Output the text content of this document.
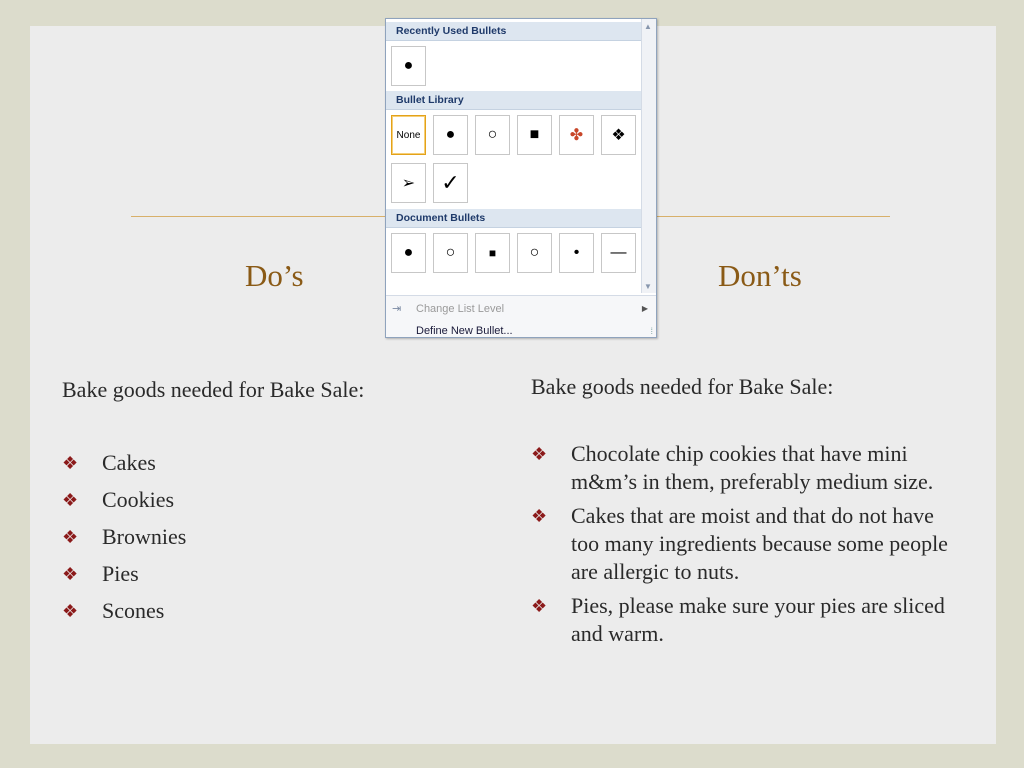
Do’s	Don’ts
Bake goods needed for Bake Sale:	Bake goods needed for Bake Sale:
❖ Cakes
❖ Cookies
❖ Brownies
❖ Pies
❖ Scones
❖ Chocolate chip cookies that have mini m&m’s in them, preferably medium size.
❖ Cakes that are moist and that do not have too many ingredients because some people are allergic to nuts.
❖ Pies, please make sure your pies are sliced and warm.
▲
▼
Recently Used Bullets
●
Bullet Library
None	●	○	■	✤	❖
➢	✓
Document Bullets
●	○	■	○	•	—
⇥ Change List Level	▶
Define New Bullet...	⁞
